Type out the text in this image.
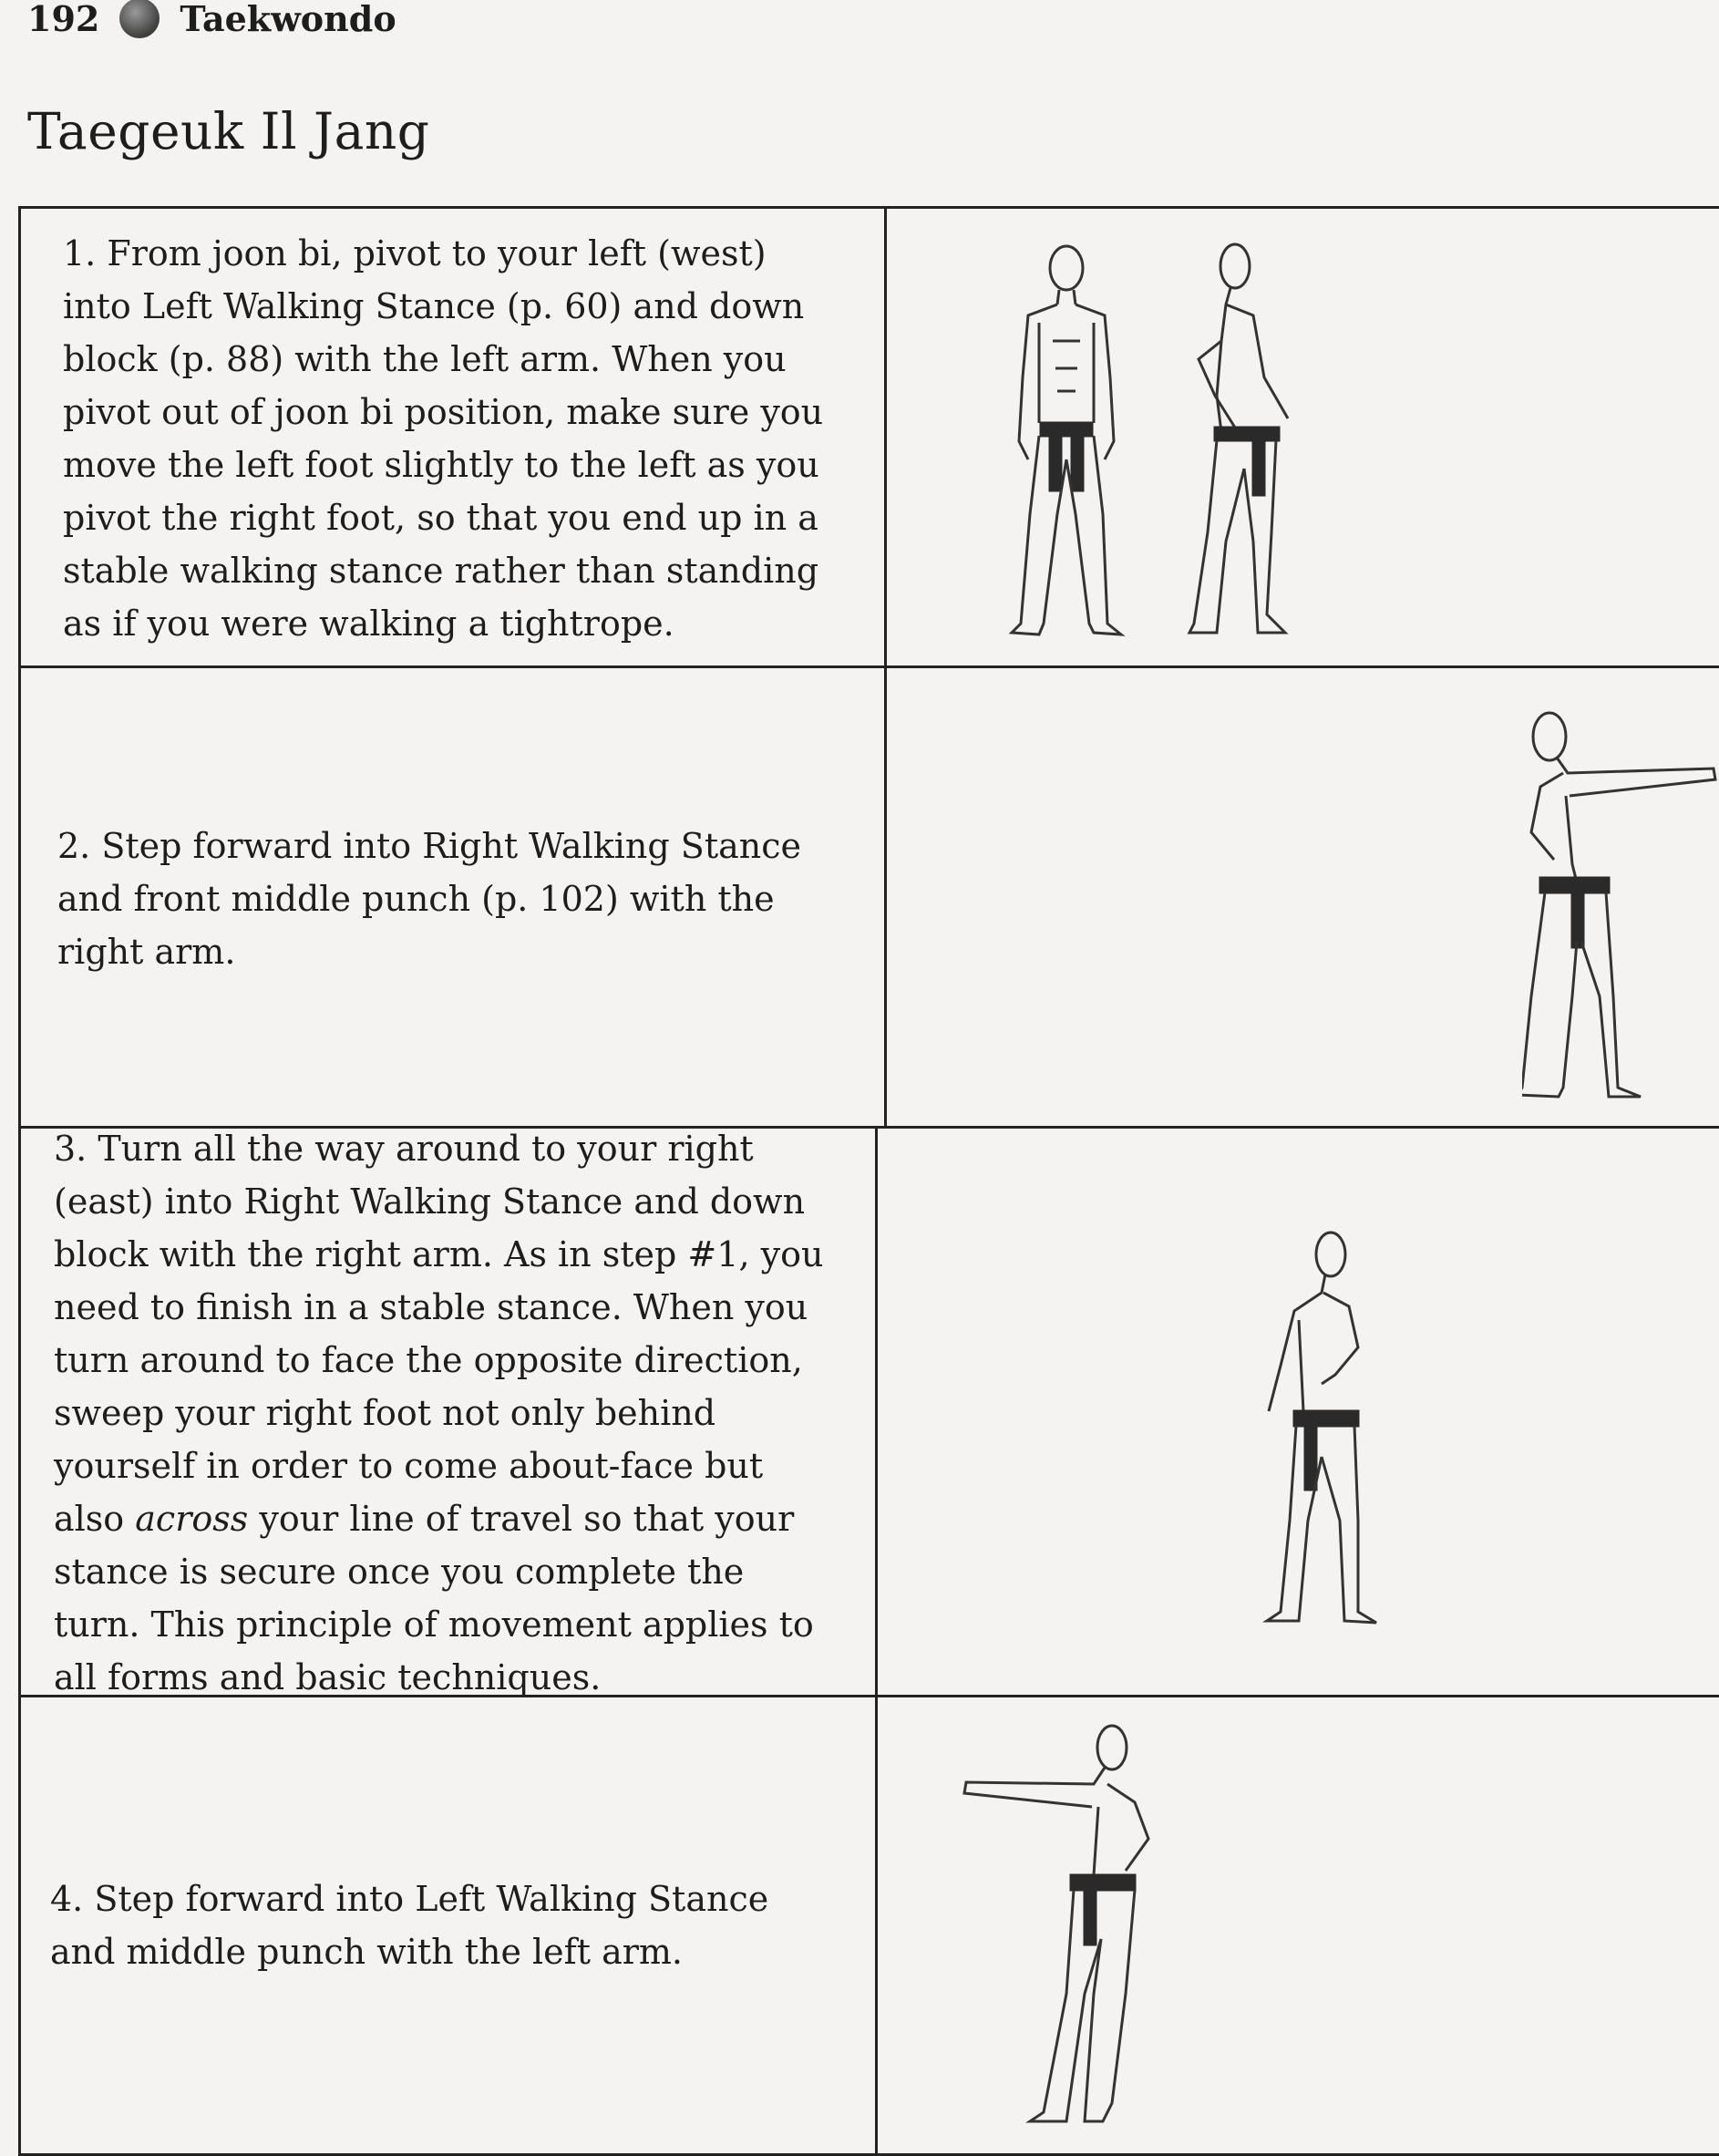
192 Taekwondo
Taegeuk Il Jang

1. From joon bi, pivot to your left (west) into Left Walking Stance (p. 60) and down block (p. 88) with the left arm. When you pivot out of joon bi position, make sure you move the left foot slightly to the left as you pivot the right foot, so that you end up in a stable walking stance rather than standing as if you were walking a tightrope.

2. Step forward into Right Walking Stance and front middle punch (p. 102) with the right arm.

3. Turn all the way around to your right (east) into Right Walking Stance and down block with the right arm. As in step #1, you need to finish in a stable stance. When you turn around to face the opposite direction, sweep your right foot not only behind yourself in order to come about-face but also across your line of travel so that your stance is secure once you complete the turn. This principle of movement applies to all forms and basic techniques.

4. Step forward into Left Walking Stance and middle punch with the left arm.
